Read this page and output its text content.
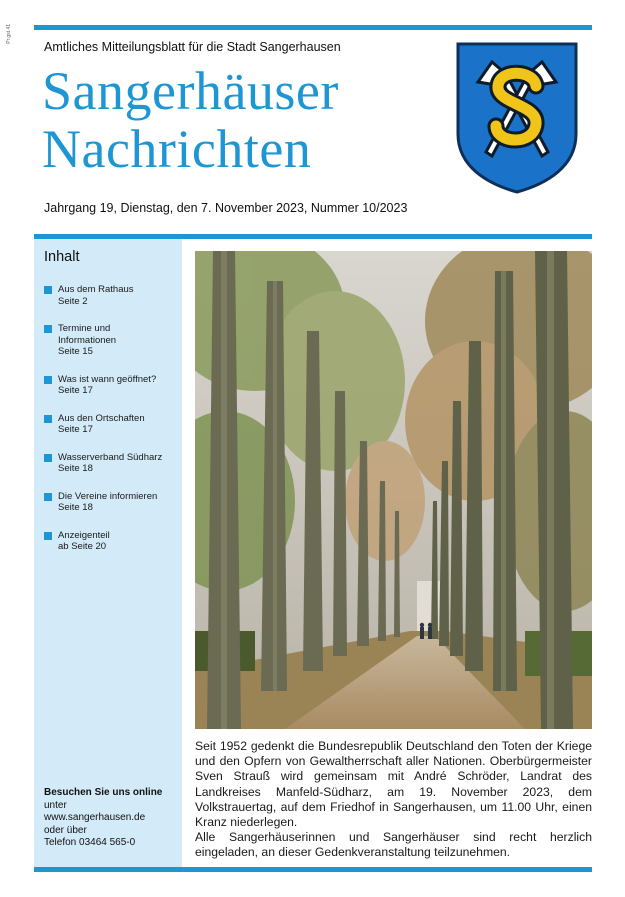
Pr.gst.41
Amtliches Mitteilungsblatt für die Stadt Sangerhausen
Sangerhäuser
Nachrichten
Jahrgang 19, Dienstag, den 7. November 2023, Nummer 10/2023
Inhalt
Aus dem Rathaus
Seite 2
Termine und
Informationen
Seite 15
Was ist wann geöffnet?
Seite 17
Aus den Ortschaften
Seite 17
Wasserverband Südharz
Seite 18
Die Vereine informieren
Seite 18
Anzeigenteil
ab Seite 20
Besuchen Sie uns online
unter
www.sangerhausen.de
oder über
Telefon 03464 565-0

Seit 1952 gedenkt die Bundesrepublik Deutschland den Toten der Kriege und den Opfern von Gewaltherrschaft aller Nationen. Oberbürgermeister Sven Strauß wird gemeinsam mit André Schröder, Landrat des Landkreises Manfeld-Südharz, am 19. November 2023, dem Volkstrauertag, auf dem Friedhof in Sangerhausen, um 11.00 Uhr, einen Kranz niederlegen.

Alle Sangerhäuserinnen und Sangerhäuser sind recht herzlich eingeladen, an dieser Gedenkveranstaltung teilzunehmen.
